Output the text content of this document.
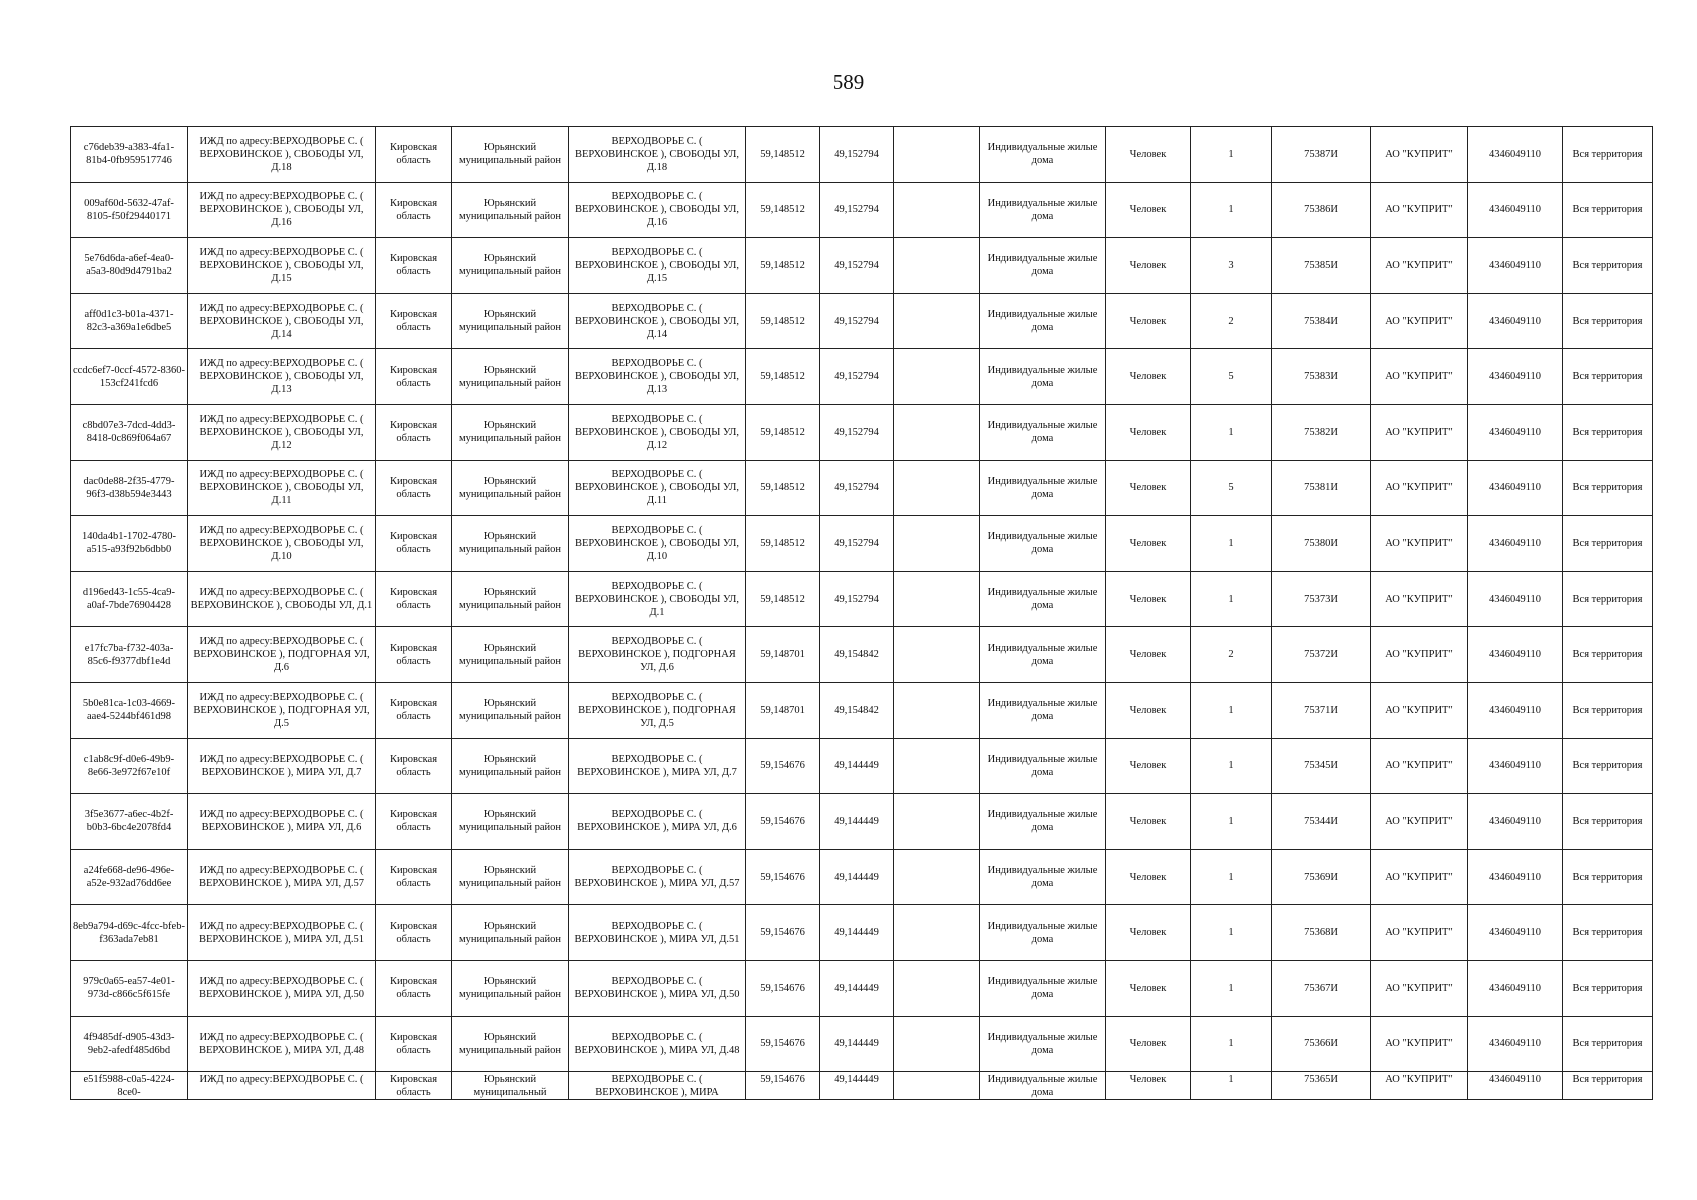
589
c76deb39-a383-4fa1-81b4-0fb959517746	ИЖД по адресу:ВЕРХОДВОРЬЕ С. ( ВЕРХОВИНСКОЕ ), СВОБОДЫ УЛ, Д.18	Кировская область	Юрьянский муниципальный район	ВЕРХОДВОРЬЕ С. ( ВЕРХОВИНСКОЕ ), СВОБОДЫ УЛ, Д.18	59,148512	49,152794		Индивидуальные жилые дома	Человек	1	75387И	АО "КУПРИТ"	4346049110	Вся территория

009af60d-5632-47af-8105-f50f29440171	ИЖД по адресу:ВЕРХОДВОРЬЕ С. ( ВЕРХОВИНСКОЕ ), СВОБОДЫ УЛ, Д.16	Кировская область	Юрьянский муниципальный район	ВЕРХОДВОРЬЕ С. ( ВЕРХОВИНСКОЕ ), СВОБОДЫ УЛ, Д.16	59,148512	49,152794		Индивидуальные жилые дома	Человек	1	75386И	АО "КУПРИТ"	4346049110	Вся территория

5e76d6da-a6ef-4ea0-a5a3-80d9d4791ba2	ИЖД по адресу:ВЕРХОДВОРЬЕ С. ( ВЕРХОВИНСКОЕ ), СВОБОДЫ УЛ, Д.15	Кировская область	Юрьянский муниципальный район	ВЕРХОДВОРЬЕ С. ( ВЕРХОВИНСКОЕ ), СВОБОДЫ УЛ, Д.15	59,148512	49,152794		Индивидуальные жилые дома	Человек	3	75385И	АО "КУПРИТ"	4346049110	Вся территория

aff0d1c3-b01a-4371-82c3-a369a1e6dbe5	ИЖД по адресу:ВЕРХОДВОРЬЕ С. ( ВЕРХОВИНСКОЕ ), СВОБОДЫ УЛ, Д.14	Кировская область	Юрьянский муниципальный район	ВЕРХОДВОРЬЕ С. ( ВЕРХОВИНСКОЕ ), СВОБОДЫ УЛ, Д.14	59,148512	49,152794		Индивидуальные жилые дома	Человек	2	75384И	АО "КУПРИТ"	4346049110	Вся территория

ccdc6ef7-0ccf-4572-8360-153cf241fcd6	ИЖД по адресу:ВЕРХОДВОРЬЕ С. ( ВЕРХОВИНСКОЕ ), СВОБОДЫ УЛ, Д.13	Кировская область	Юрьянский муниципальный район	ВЕРХОДВОРЬЕ С. ( ВЕРХОВИНСКОЕ ), СВОБОДЫ УЛ, Д.13	59,148512	49,152794		Индивидуальные жилые дома	Человек	5	75383И	АО "КУПРИТ"	4346049110	Вся территория

c8bd07e3-7dcd-4dd3-8418-0c869f064a67	ИЖД по адресу:ВЕРХОДВОРЬЕ С. ( ВЕРХОВИНСКОЕ ), СВОБОДЫ УЛ, Д.12	Кировская область	Юрьянский муниципальный район	ВЕРХОДВОРЬЕ С. ( ВЕРХОВИНСКОЕ ), СВОБОДЫ УЛ, Д.12	59,148512	49,152794		Индивидуальные жилые дома	Человек	1	75382И	АО "КУПРИТ"	4346049110	Вся территория

dac0de88-2f35-4779-96f3-d38b594e3443	ИЖД по адресу:ВЕРХОДВОРЬЕ С. ( ВЕРХОВИНСКОЕ ), СВОБОДЫ УЛ, Д.11	Кировская область	Юрьянский муниципальный район	ВЕРХОДВОРЬЕ С. ( ВЕРХОВИНСКОЕ ), СВОБОДЫ УЛ, Д.11	59,148512	49,152794		Индивидуальные жилые дома	Человек	5	75381И	АО "КУПРИТ"	4346049110	Вся территория

140da4b1-1702-4780-a515-a93f92b6dbb0	ИЖД по адресу:ВЕРХОДВОРЬЕ С. ( ВЕРХОВИНСКОЕ ), СВОБОДЫ УЛ, Д.10	Кировская область	Юрьянский муниципальный район	ВЕРХОДВОРЬЕ С. ( ВЕРХОВИНСКОЕ ), СВОБОДЫ УЛ, Д.10	59,148512	49,152794		Индивидуальные жилые дома	Человек	1	75380И	АО "КУПРИТ"	4346049110	Вся территория

d196ed43-1c55-4ca9-a0af-7bde76904428	ИЖД по адресу:ВЕРХОДВОРЬЕ С. ( ВЕРХОВИНСКОЕ ), СВОБОДЫ УЛ, Д.1	Кировская область	Юрьянский муниципальный район	ВЕРХОДВОРЬЕ С. ( ВЕРХОВИНСКОЕ ), СВОБОДЫ УЛ, Д.1	59,148512	49,152794		Индивидуальные жилые дома	Человек	1	75373И	АО "КУПРИТ"	4346049110	Вся территория

e17fc7ba-f732-403a-85c6-f9377dbf1e4d	ИЖД по адресу:ВЕРХОДВОРЬЕ С. ( ВЕРХОВИНСКОЕ ), ПОДГОРНАЯ УЛ, Д.6	Кировская область	Юрьянский муниципальный район	ВЕРХОДВОРЬЕ С. ( ВЕРХОВИНСКОЕ ), ПОДГОРНАЯ УЛ, Д.6	59,148701	49,154842		Индивидуальные жилые дома	Человек	2	75372И	АО "КУПРИТ"	4346049110	Вся территория

5b0e81ca-1c03-4669-aae4-5244bf461d98	ИЖД по адресу:ВЕРХОДВОРЬЕ С. ( ВЕРХОВИНСКОЕ ), ПОДГОРНАЯ УЛ, Д.5	Кировская область	Юрьянский муниципальный район	ВЕРХОДВОРЬЕ С. ( ВЕРХОВИНСКОЕ ), ПОДГОРНАЯ УЛ, Д.5	59,148701	49,154842		Индивидуальные жилые дома	Человек	1	75371И	АО "КУПРИТ"	4346049110	Вся территория

c1ab8c9f-d0e6-49b9-8e66-3e972f67e10f	ИЖД по адресу:ВЕРХОДВОРЬЕ С. ( ВЕРХОВИНСКОЕ ), МИРА УЛ, Д.7	Кировская область	Юрьянский муниципальный район	ВЕРХОДВОРЬЕ С. ( ВЕРХОВИНСКОЕ ), МИРА УЛ, Д.7	59,154676	49,144449		Индивидуальные жилые дома	Человек	1	75345И	АО "КУПРИТ"	4346049110	Вся территория

3f5e3677-a6ec-4b2f-b0b3-6bc4e2078fd4	ИЖД по адресу:ВЕРХОДВОРЬЕ С. ( ВЕРХОВИНСКОЕ ), МИРА УЛ, Д.6	Кировская область	Юрьянский муниципальный район	ВЕРХОДВОРЬЕ С. ( ВЕРХОВИНСКОЕ ), МИРА УЛ, Д.6	59,154676	49,144449		Индивидуальные жилые дома	Человек	1	75344И	АО "КУПРИТ"	4346049110	Вся территория

a24fe668-de96-496e-a52e-932ad76dd6ee	ИЖД по адресу:ВЕРХОДВОРЬЕ С. ( ВЕРХОВИНСКОЕ ), МИРА УЛ, Д.57	Кировская область	Юрьянский муниципальный район	ВЕРХОДВОРЬЕ С. ( ВЕРХОВИНСКОЕ ), МИРА УЛ, Д.57	59,154676	49,144449		Индивидуальные жилые дома	Человек	1	75369И	АО "КУПРИТ"	4346049110	Вся территория

8eb9a794-d69c-4fcc-bfeb-f363ada7eb81	ИЖД по адресу:ВЕРХОДВОРЬЕ С. ( ВЕРХОВИНСКОЕ ), МИРА УЛ, Д.51	Кировская область	Юрьянский муниципальный район	ВЕРХОДВОРЬЕ С. ( ВЕРХОВИНСКОЕ ), МИРА УЛ, Д.51	59,154676	49,144449		Индивидуальные жилые дома	Человек	1	75368И	АО "КУПРИТ"	4346049110	Вся территория

979c0a65-ea57-4e01-973d-c866c5f615fe	ИЖД по адресу:ВЕРХОДВОРЬЕ С. ( ВЕРХОВИНСКОЕ ), МИРА УЛ, Д.50	Кировская область	Юрьянский муниципальный район	ВЕРХОДВОРЬЕ С. ( ВЕРХОВИНСКОЕ ), МИРА УЛ, Д.50	59,154676	49,144449		Индивидуальные жилые дома	Человек	1	75367И	АО "КУПРИТ"	4346049110	Вся территория

4f9485df-d905-43d3-9eb2-afedf485d6bd	ИЖД по адресу:ВЕРХОДВОРЬЕ С. ( ВЕРХОВИНСКОЕ ), МИРА УЛ, Д.48	Кировская область	Юрьянский муниципальный район	ВЕРХОДВОРЬЕ С. ( ВЕРХОВИНСКОЕ ), МИРА УЛ, Д.48	59,154676	49,144449		Индивидуальные жилые дома	Человек	1	75366И	АО "КУПРИТ"	4346049110	Вся территория

e51f5988-c0a5-4224-8ce0-	ИЖД по адресу:ВЕРХОДВОРЬЕ С. (	Кировская область	Юрьянский муниципальный	ВЕРХОДВОРЬЕ С. ( ВЕРХОВИНСКОЕ ), МИРА	59,154676	49,144449		Индивидуальные жилые дома	Человек	1	75365И	АО "КУПРИТ"	4346049110	Вся территория
